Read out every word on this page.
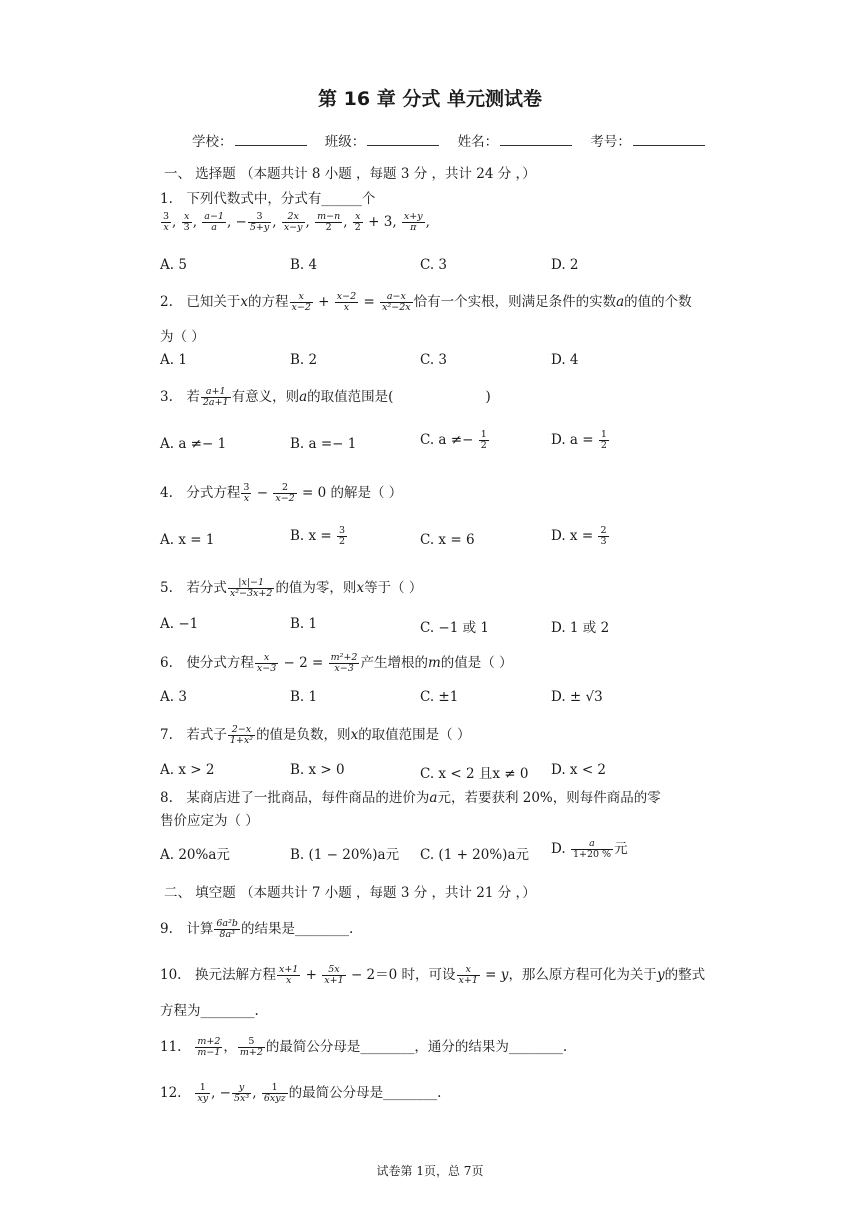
第 16 章 分式 单元测试卷
学校：	班级：	姓名：	考号：
一、 选择题 （本题共计 8 小题 ，每题 3 分 ，共计 24 分 ，）
1.　下列代数式中，分式有______个
$\frac{3}{x}$ , $\frac{x}{3}$ , $\frac{a-1}{a}$ , − $\frac{3}{5+y}$ , $\frac{2x}{x-y}$ , $\frac{m-n}{2}$ , $\frac{x}{2} + 3$, $\frac{x+y}{\pi}$ ,
A. 5	B. 4	C. 3	D. 2
2.　已知关于x的方程 $\frac{x}{x-2} + \frac{x-2}{x} = \frac{a-x}{\text{x²−2x}}$ 恰有一个实根，则满足条件的实数a的值的个数
为（ ）
A. 1	B. 2	C. 3	D. 4
3.　若 $\frac{a+1}{2a+1}$ 有意义，则a的取值范围是(	)
A. a ≠− 1	B. a =− 1	C. $a \ne- \frac{1}{2}$	D. $a = \frac{1}{2}$
4.　分式方程 $\frac{3}{x} - \frac{2}{x-2} = 0$ 的解是（ ）
A. x = 1	B. $x = \frac{3}{2}$	C. x = 6	D. $x = \frac{2}{3}$
5.　若分式 $\frac{|x|-1}{\text{x²−3x+2}}$ 的值为零，则x等于（ ）
A. −1	B. 1	C. −1 或 1	D. 1 或 2
6.　使分式方程 $\frac{x}{x-3} - 2 = \frac{\text{m²+2}}{x-3}$ 产生增根的m的值是（ ）
A. 3	B. 1	C. ±1	D. ± √3
7.　若式子 $\frac{2-x}{\text{1+x²}}$ 的值是负数，则x的取值范围是（ ）
A. x > 2	B. x > 0	C. x < 2 且x ≠ 0 D. x < 2
8.　某商店进了一批商品，每件商品的进价为a元，若要获利 20%，则每件商品的零
售价应定为（ ）
A. 20%a元	B. (1 − 20%)a元 C. (1 + 20%)a元 D. $\frac{a}{1+20 \%}$ 元
二、 填空题 （本题共计 7 小题 ，每题 3 分 ，共计 21 分 ，）
9.　计算 $\frac{\text{6a²b}}{\text{8a³}}$ 的结果是________.
10.　换元法解方程 $\frac{x+1}{x} + \frac{5x}{x+1} - 2=0$ 时，可设 $\frac{x}{x+1} = y$，那么原方程可化为关于y的整式
方程为________.
11. $\frac{m+2}{m-1}$ ， $\frac{5}{m+2}$ 的最简公分母是________，通分的结果为________.
12. $\frac{1}{xy}$ , − $\frac{y}{\text{5x³}}$ , $\frac{1}{\text{6xyz}}$ 的最简公分母是________.
试卷第 1页，总 7页
